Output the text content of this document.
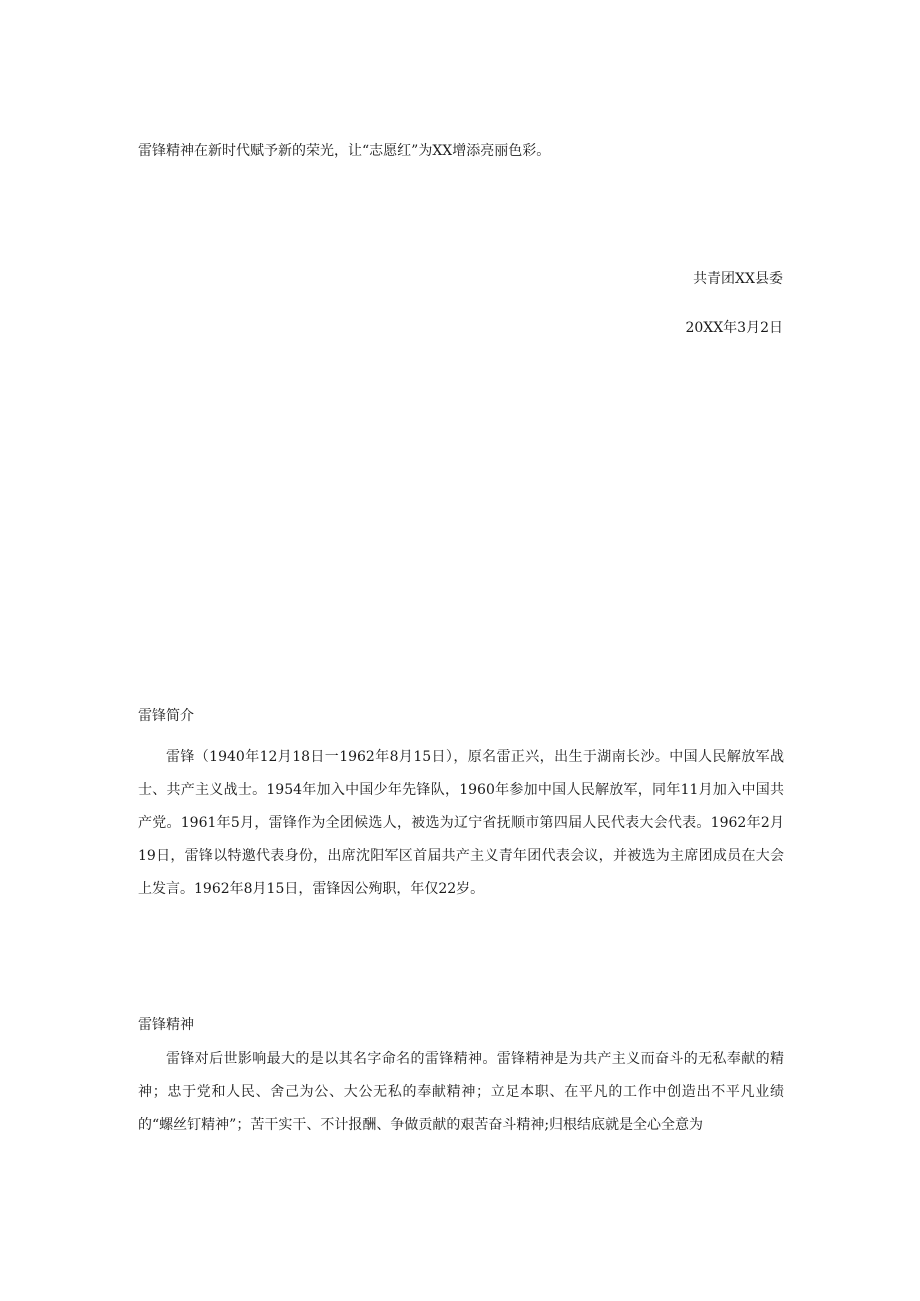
雷锋精神在新时代赋予新的荣光，让“志愿红”为XX增添亮丽色彩。
共青团XX县委
20XX年3月2日
雷锋简介

雷锋（1940年12月18日一1962年8月15日），原名雷正兴，出生于湖南长沙。中国人民解放军战士、共产主义战士。1954年加入中国少年先锋队，1960年参加中国人民解放军，同年11月加入中国共产党。1961年5月，雷锋作为全团候选人，被选为辽宁省抚顺市第四届人民代表大会代表。1962年2月19日，雷锋以特邀代表身份，出席沈阳军区首届共产主义青年团代表会议，并被选为主席团成员在大会上发言。1962年8月15日，雷锋因公殉职，年仅22岁。

雷锋精神

雷锋对后世影响最大的是以其名字命名的雷锋精神。雷锋精神是为共产主义而奋斗的无私奉献的精神；忠于党和人民、舍己为公、大公无私的奉献精神；立足本职、在平凡的工作中创造出不平凡业绩的“螺丝钉精神”；苦干实干、不计报酬、争做贡献的艰苦奋斗精神;归根结底就是全心全意为
